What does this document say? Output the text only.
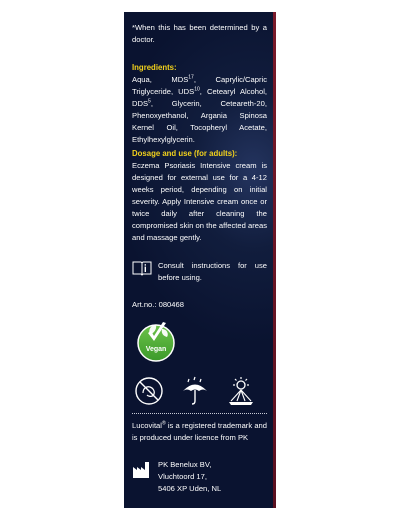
*When this has been determined by a doctor.

Ingredients:

Aqua, MDS$^{17}$, Caprylic/Capric Triglyceride, UDS$^{10}$, Cetearyl Alcohol, DDS$^5$, Glycerin, Ceteareth-20, Phenoxyethanol, Argania Spinosa Kernel Oil, Tocopheryl Acetate, Ethylhexylglycerin.

Dosage and use (for adults):

Eczema Psoriasis Intensive cream is designed for external use for a 4-12 weeks period, depending on initial severity. Apply Intensive cream once or twice daily after cleaning the compromised skin on the affected areas and massage gently.

Consult instructions for use before using.

Art.no.: 080468

Vegan

Lucovital® is a registered trademark and is produced under licence from PK

PK Benelux BV,

Vluchtoord 17,

5406 XP Uden, NL
